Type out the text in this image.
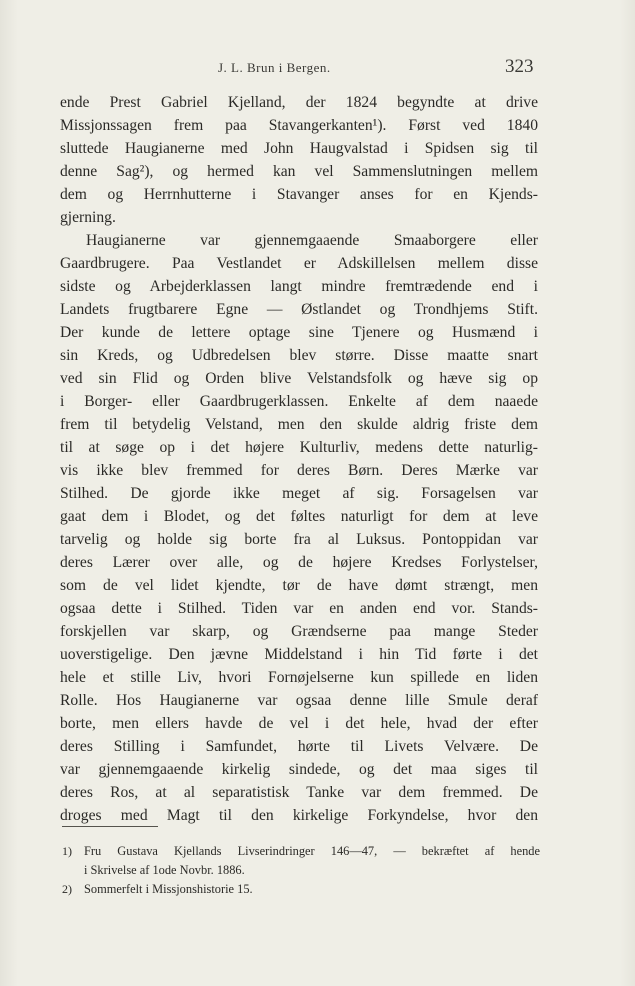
J. L. Brun i Bergen.	323
ende Prest Gabriel Kjelland, der 1824 begyndte at drive
Missjonssagen frem paa Stavangerkanten¹). Først ved 1840
sluttede Haugianerne med John Haugvalstad i Spidsen sig til
denne Sag²), og hermed kan vel Sammenslutningen mellem
dem og Herrnhutterne i Stavanger anses for en Kjends-
gjerning.
Haugianerne var gjennemgaaende Smaaborgere eller
Gaardbrugere. Paa Vestlandet er Adskillelsen mellem disse
sidste og Arbejderklassen langt mindre fremtrædende end i
Landets frugtbarere Egne — Østlandet og Trondhjems Stift.
Der kunde de lettere optage sine Tjenere og Husmænd i
sin Kreds, og Udbredelsen blev større. Disse maatte snart
ved sin Flid og Orden blive Velstandsfolk og hæve sig op
i Borger- eller Gaardbrugerklassen. Enkelte af dem naaede
frem til betydelig Velstand, men den skulde aldrig friste dem
til at søge op i det højere Kulturliv, medens dette naturlig-
vis ikke blev fremmed for deres Børn. Deres Mærke var
Stilhed. De gjorde ikke meget af sig. Forsagelsen var
gaat dem i Blodet, og det føltes naturligt for dem at leve
tarvelig og holde sig borte fra al Luksus. Pontoppidan var
deres Lærer over alle, og de højere Kredses Forlystelser,
som de vel lidet kjendte, tør de have dømt strængt, men
ogsaa dette i Stilhed. Tiden var en anden end vor. Stands-
forskjellen var skarp, og Grændserne paa mange Steder
uoverstigelige. Den jævne Middelstand i hin Tid førte i det
hele et stille Liv, hvori Fornøjelserne kun spillede en liden
Rolle. Hos Haugianerne var ogsaa denne lille Smule deraf
borte, men ellers havde de vel i det hele, hvad der efter
deres Stilling i Samfundet, hørte til Livets Velvære. De
var gjennemgaaende kirkelig sindede, og det maa siges til
deres Ros, at al separatistisk Tanke var dem fremmed. De
droges med Magt til den kirkelige Forkyndelse, hvor den
1) Fru Gustava Kjellands Livserindringer 146—47, — bekræftet af hende
i Skrivelse af 1ode Novbr. 1886.
2) Sommerfelt i Missjonshistorie 15.
